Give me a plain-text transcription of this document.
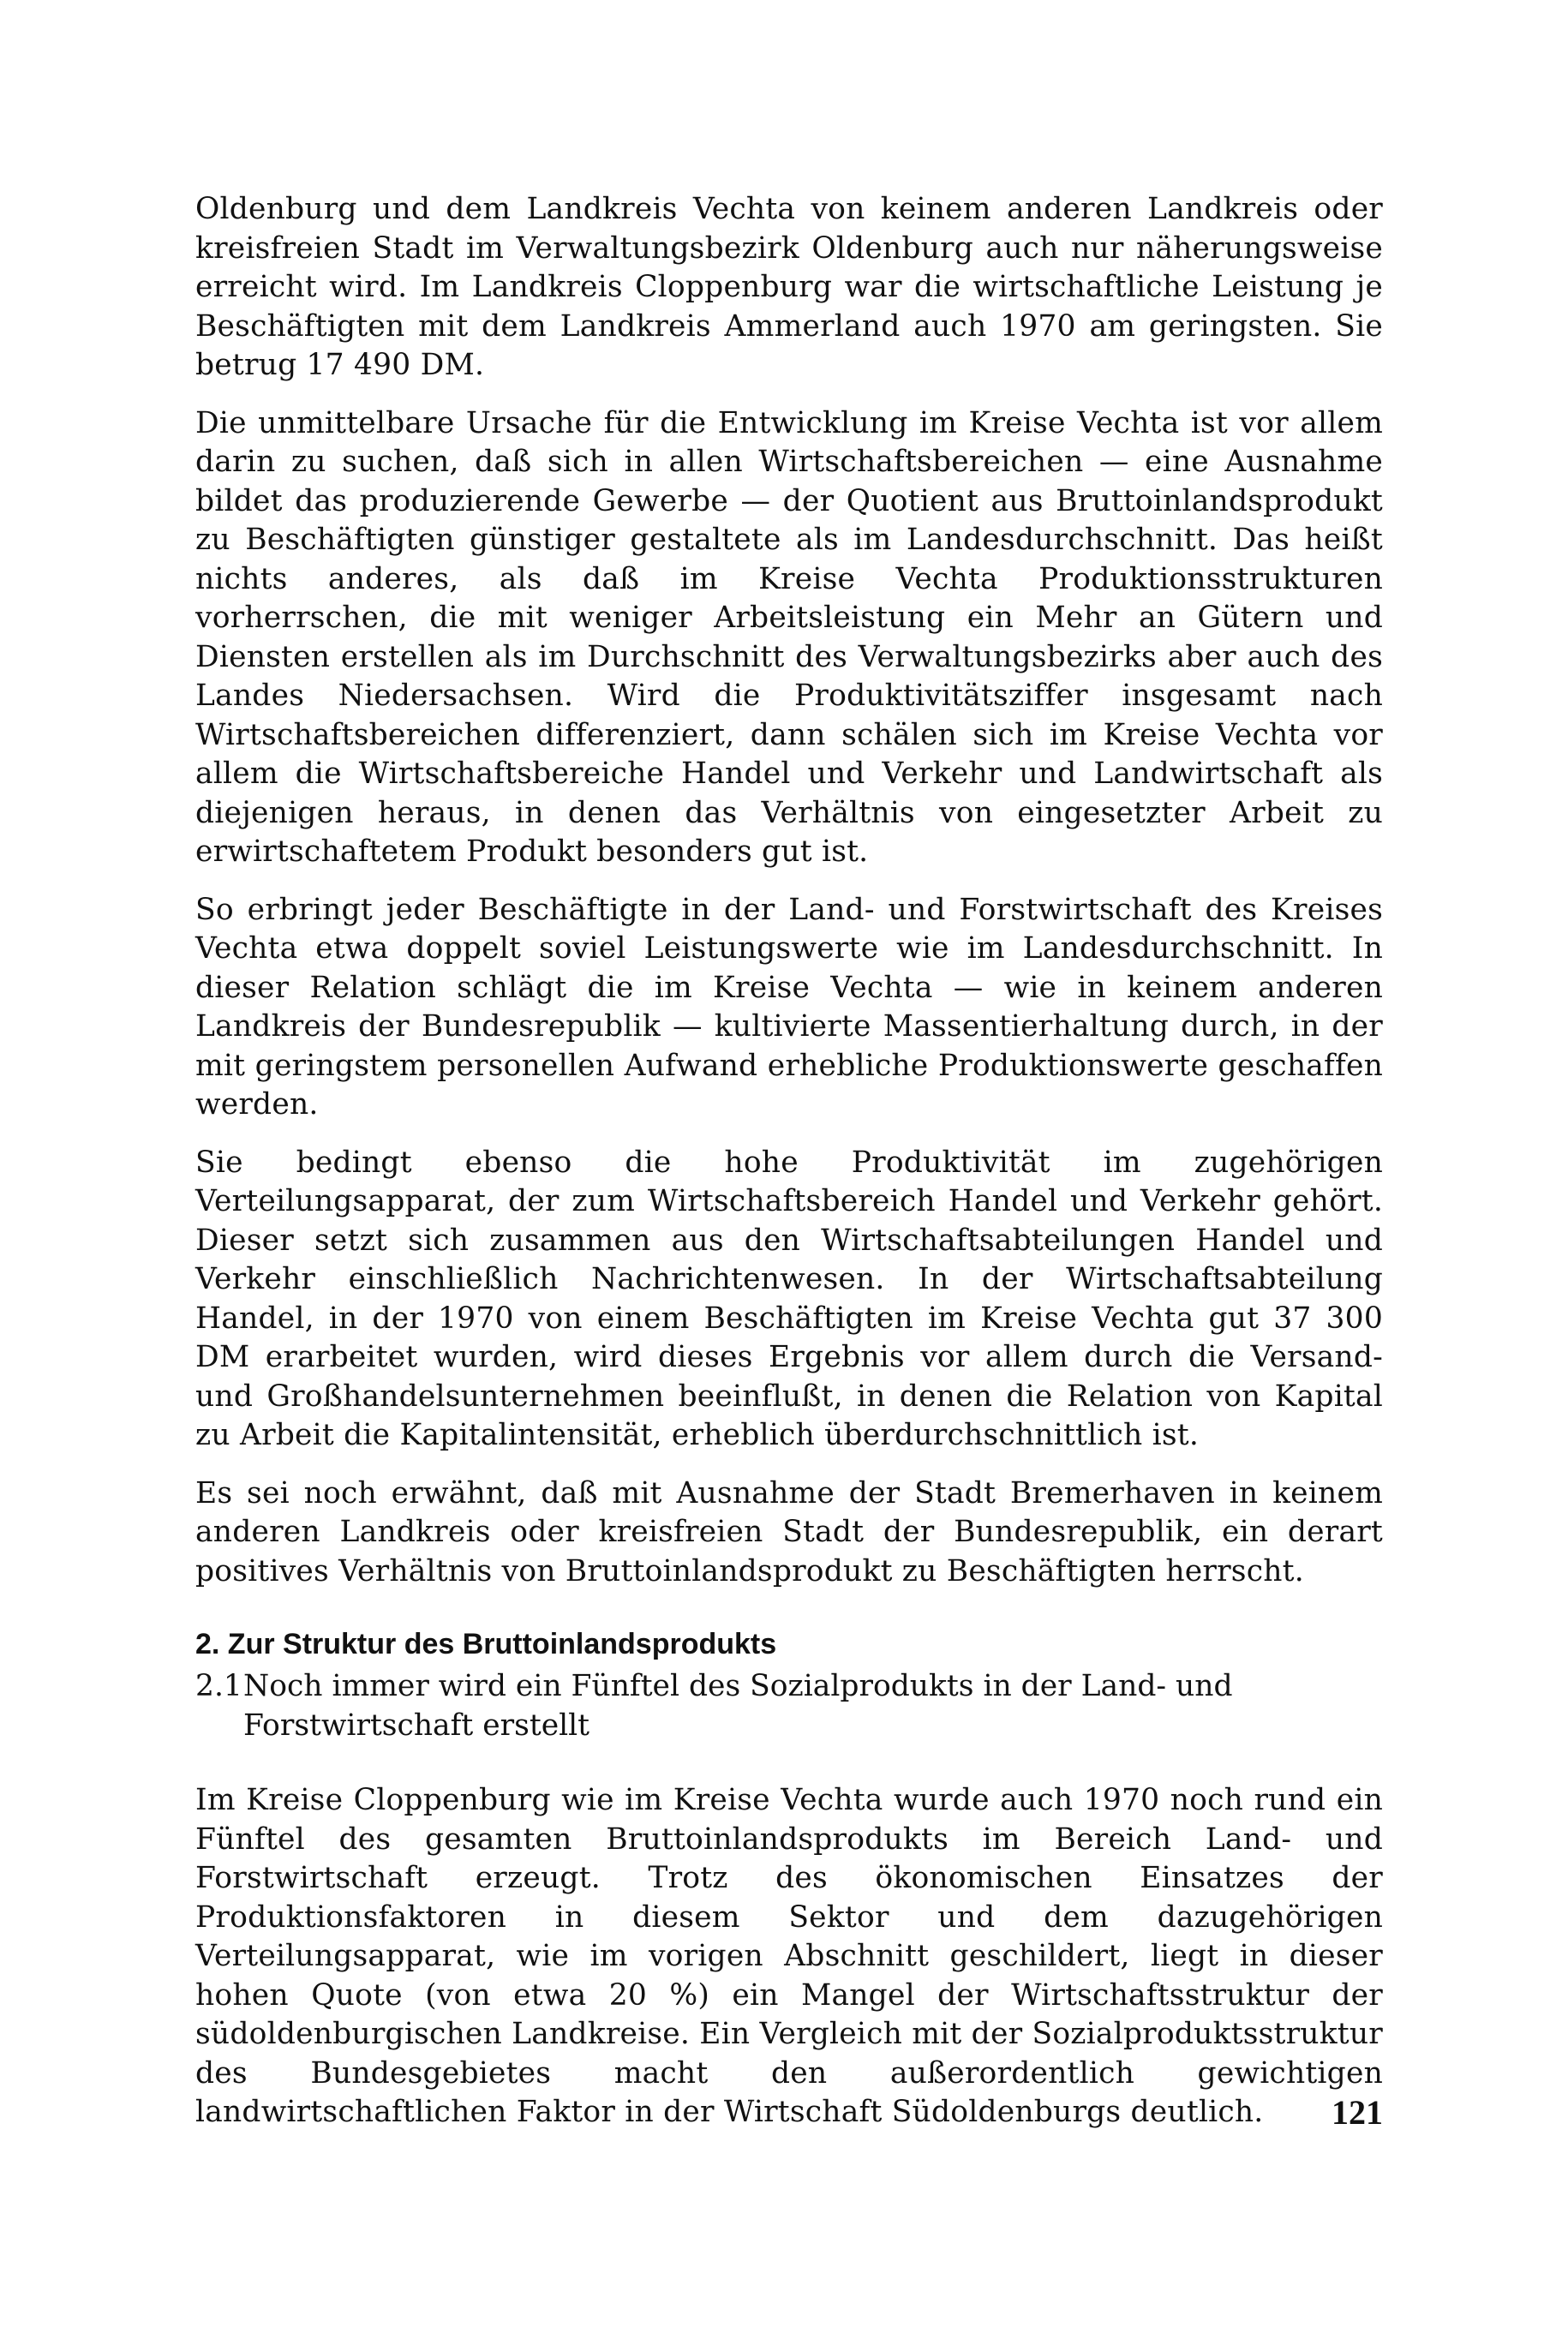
Oldenburg und dem Landkreis Vechta von keinem anderen Landkreis oder kreisfreien Stadt im Verwaltungsbezirk Oldenburg auch nur näherungsweise erreicht wird. Im Landkreis Cloppenburg war die wirtschaftliche Leistung je Beschäftigten mit dem Landkreis Ammerland auch 1970 am geringsten. Sie betrug 17 490 DM.

Die unmittelbare Ursache für die Entwicklung im Kreise Vechta ist vor allem darin zu suchen, daß sich in allen Wirtschaftsbereichen — eine Ausnahme bildet das produzierende Gewerbe — der Quotient aus Bruttoinlandsprodukt zu Beschäftigten günstiger gestaltete als im Landesdurchschnitt. Das heißt nichts anderes, als daß im Kreise Vechta Produktionsstrukturen vorherrschen, die mit weniger Arbeitsleistung ein Mehr an Gütern und Diensten erstellen als im Durchschnitt des Verwaltungsbezirks aber auch des Landes Niedersachsen. Wird die Produktivitätsziffer insgesamt nach Wirtschaftsbereichen differenziert, dann schälen sich im Kreise Vechta vor allem die Wirtschaftsbereiche Handel und Verkehr und Landwirtschaft als diejenigen heraus, in denen das Verhältnis von eingesetzter Arbeit zu erwirtschaftetem Produkt besonders gut ist.

So erbringt jeder Beschäftigte in der Land- und Forstwirtschaft des Kreises Vechta etwa doppelt soviel Leistungswerte wie im Landesdurchschnitt. In dieser Relation schlägt die im Kreise Vechta — wie in keinem anderen Landkreis der Bundesrepublik — kultivierte Massentierhaltung durch, in der mit geringstem personellen Aufwand erhebliche Produktionswerte geschaffen werden.

Sie bedingt ebenso die hohe Produktivität im zugehörigen Verteilungsapparat, der zum Wirtschaftsbereich Handel und Verkehr gehört. Dieser setzt sich zusammen aus den Wirtschaftsabteilungen Handel und Verkehr einschließlich Nachrichtenwesen. In der Wirtschaftsabteilung Handel, in der 1970 von einem Beschäftigten im Kreise Vechta gut 37 300 DM erarbeitet wurden, wird dieses Ergebnis vor allem durch die Versand- und Großhandelsunternehmen beeinflußt, in denen die Relation von Kapital zu Arbeit die Kapitalintensität, erheblich überdurchschnittlich ist.

Es sei noch erwähnt, daß mit Ausnahme der Stadt Bremerhaven in keinem anderen Landkreis oder kreisfreien Stadt der Bundesrepublik, ein derart positives Verhältnis von Bruttoinlandsprodukt zu Beschäftigten herrscht.

2. Zur Struktur des Bruttoinlandsprodukts
2.1 Noch immer wird ein Fünftel des Sozialprodukts in der Land- und Forstwirtschaft erstellt

Im Kreise Cloppenburg wie im Kreise Vechta wurde auch 1970 noch rund ein Fünftel des gesamten Bruttoinlandsprodukts im Bereich Land- und Forstwirtschaft erzeugt. Trotz des ökonomischen Einsatzes der Produktionsfaktoren in diesem Sektor und dem dazugehörigen Verteilungsapparat, wie im vorigen Abschnitt geschildert, liegt in dieser hohen Quote (von etwa 20 %) ein Mangel der Wirtschaftsstruktur der südoldenburgischen Landkreise. Ein Vergleich mit der Sozialproduktsstruktur des Bundesgebietes macht den außerordentlich gewichtigen landwirtschaftlichen Faktor in der Wirtschaft Südoldenburgs deutlich.	121
